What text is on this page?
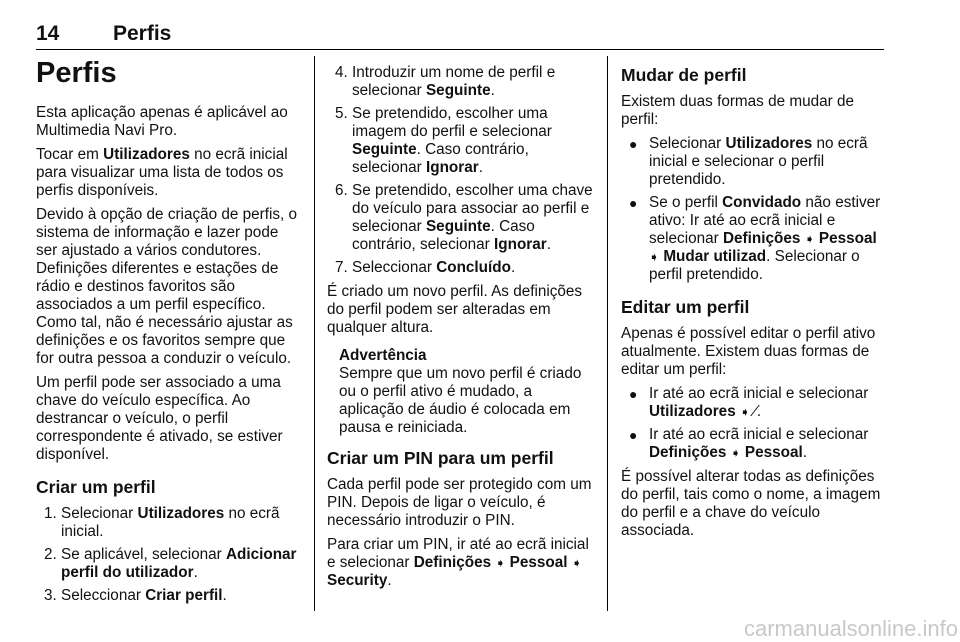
14	Perfis
Perfis

Esta aplicação apenas é aplicável ao Multimedia Navi Pro.

Tocar em Utilizadores no ecrã inicial para visualizar uma lista de todos os perfis disponíveis.

Devido à opção de criação de perfis, o sistema de informação e lazer pode ser ajustado a vários condutores. Definições diferentes e estações de rádio e destinos favoritos são associados a um perfil específico. Como tal, não é necessário ajustar as definições e os favoritos sempre que for outra pessoa a conduzir o veículo.

Um perfil pode ser associado a uma chave do veículo específica. Ao destrancar o veículo, o perfil correspondente é ativado, se estiver disponível.

Criar um perfil
1. Selecionar Utilizadores no ecrã inicial.
2. Se aplicável, selecionar Adicionar perfil do utilizador.
3. Seleccionar Criar perfil.
4. Introduzir um nome de perfil e selecionar Seguinte.
5. Se pretendido, escolher uma imagem do perfil e selecionar Seguinte. Caso contrário, selecionar Ignorar.
6. Se pretendido, escolher uma chave do veículo para associar ao perfil e selecionar Seguinte. Caso contrário, selecionar Ignorar.
7. Seleccionar Concluído.

É criado um novo perfil. As definições do perfil podem ser alteradas em qualquer altura.

Advertência
Sempre que um novo perfil é criado ou o perfil ativo é mudado, a aplicação de áudio é colocada em pausa e reiniciada.
Criar um PIN para um perfil

Cada perfil pode ser protegido com um PIN. Depois de ligar o veículo, é necessário introduzir o PIN.

Para criar um PIN, ir até ao ecrã inicial e selecionar Definições ➧ Pessoal ➧ Security.

Mudar de perfil

Existem duas formas de mudar de perfil:

● Selecionar Utilizadores no ecrã inicial e selecionar o perfil pretendido.
● Se o perfil Convidado não estiver ativo: Ir até ao ecrã inicial e selecionar Definições ➧ Pessoal ➧ Mudar utilizad. Selecionar o perfil pretendido.
Editar um perfil

Apenas é possível editar o perfil ativo atualmente. Existem duas formas de editar um perfil:

● Ir até ao ecrã inicial e selecionar Utilizadores ➧ ⁄.
● Ir até ao ecrã inicial e selecionar Definições ➧ Pessoal.

É possível alterar todas as definições do perfil, tais como o nome, a imagem do perfil e a chave do veículo associada.

carmanualsonline.info
